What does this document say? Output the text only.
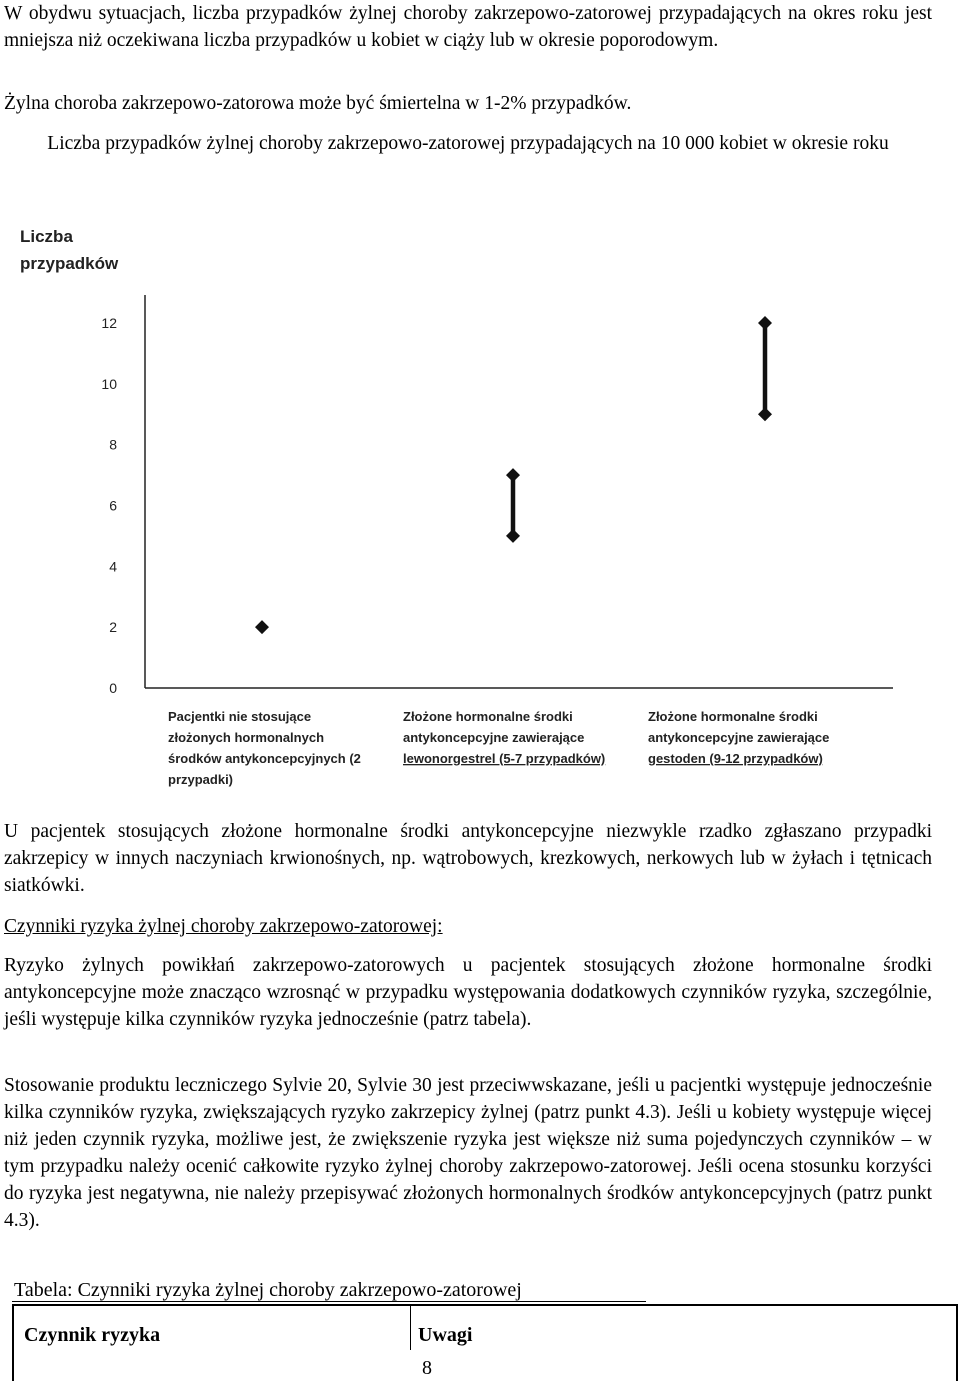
W obydwu sytuacjach, liczba przypadków żylnej choroby zakrzepowo-zatorowej przypadających na okres roku jest mniejsza niż oczekiwana liczba przypadków u kobiet w ciąży lub w okresie poporodowym.

Żylna choroba zakrzepowo-zatorowa może być śmiertelna w 1-2% przypadków.

Liczba przypadków żylnej choroby zakrzepowo-zatorowej przypadających na 10 000 kobiet w okresie roku

Liczba
przypadków
0
2
4
6
8
10
12
Pacjentki nie stosujące
złożonych hormonalnych
środków antykoncepcyjnych (2
przypadki)
Złożone hormonalne środki
antykoncepcyjne zawierające
lewonorgestrel (5-7 przypadków)
Złożone hormonalne środki
antykoncepcyjne zawierające
gestoden (9-12 przypadków)

U pacjentek stosujących złożone hormonalne środki antykoncepcyjne niezwykle rzadko zgłaszano przypadki zakrzepicy w innych naczyniach krwionośnych, np. wątrobowych, krezkowych, nerkowych lub w żyłach i tętnicach siatkówki.

Czynniki ryzyka żylnej choroby zakrzepowo-zatorowej:

Ryzyko żylnych powikłań zakrzepowo-zatorowych u pacjentek stosujących złożone hormonalne środki antykoncepcyjne może znacząco wzrosnąć w przypadku występowania dodatkowych czynników ryzyka, szczególnie, jeśli występuje kilka czynników ryzyka jednocześnie (patrz tabela).

Stosowanie produktu leczniczego Sylvie 20, Sylvie 30 jest przeciwwskazane, jeśli u pacjentki występuje jednocześnie kilka czynników ryzyka, zwiększających ryzyko zakrzepicy żylnej (patrz punkt 4.3). Jeśli u kobiety występuje więcej niż jeden czynnik ryzyka, możliwe jest, że zwiększenie ryzyka jest większe niż suma pojedynczych czynników – w tym przypadku należy ocenić całkowite ryzyko żylnej choroby zakrzepowo-zatorowej. Jeśli ocena stosunku korzyści do ryzyka jest negatywna, nie należy przepisywać złożonych hormonalnych środków antykoncepcyjnych (patrz punkt 4.3).

Tabela: Czynniki ryzyka żylnej choroby zakrzepowo-zatorowej
Czynnik ryzyka	Uwagi
8
